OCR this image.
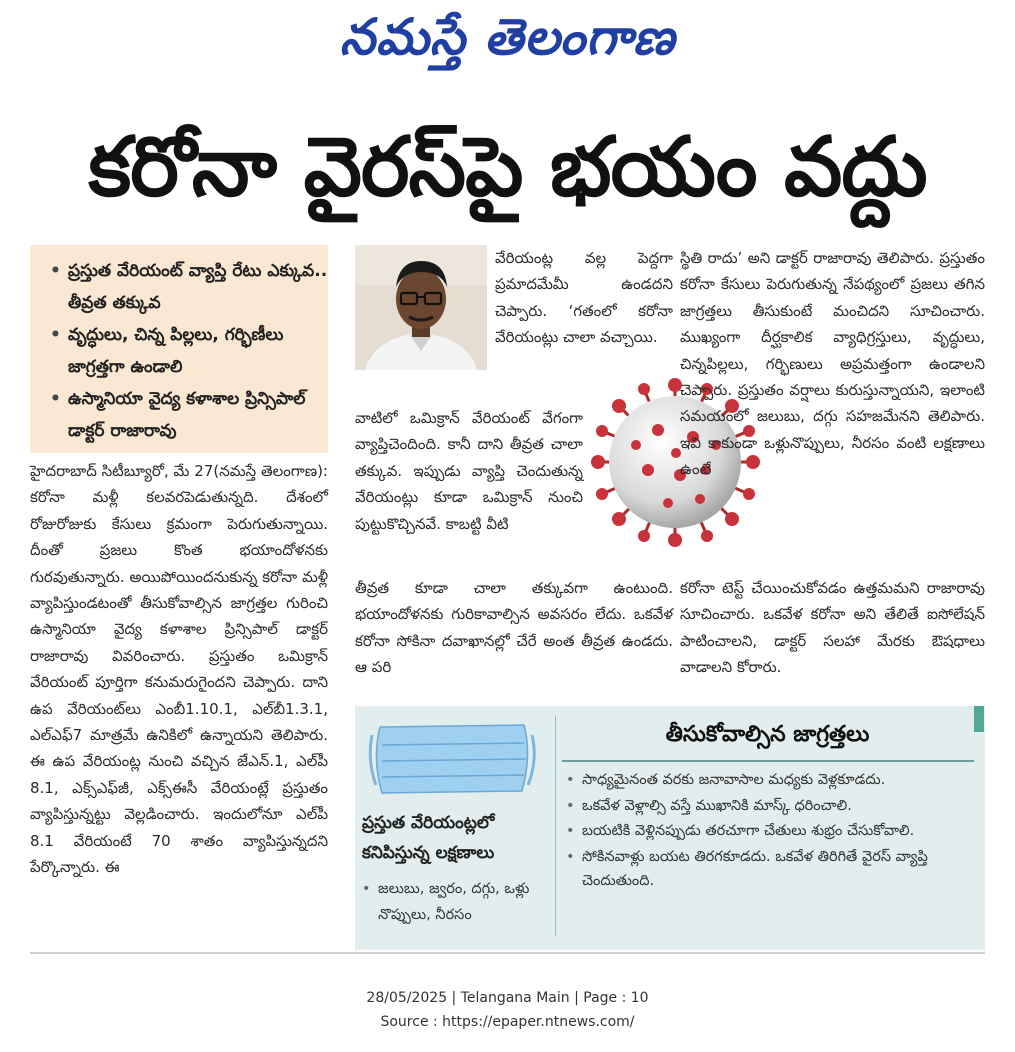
నమస్తే తెలంగాణ
కరోనా వైరస్‌పై భయం వద్దు
• ప్రస్తుత వేరియంట్ వ్యాప్తి రేటు ఎక్కువ.. తీవ్రత తక్కువ
• వృద్ధులు, చిన్న పిల్లలు, గర్భిణీలు జాగ్రత్తగా ఉండాలి
• ఉస్మానియా వైద్య కళాశాల ప్రిన్సిపాల్ డాక్టర్ రాజారావు
హైదరాబాద్ సిటీబ్యూరో, మే 27(నమస్తే తెలంగాణ): కరోనా మళ్లీ కలవరపెడుతున్నది. దేశంలో రోజురోజుకు కేసులు క్రమంగా పెరుగుతున్నాయి. దీంతో ప్రజలు కొంత భయాందోళనకు గురవుతున్నారు. అయిపోయిందనుకున్న కరోనా మళ్లీ వ్యాపిస్తుండటంతో తీసుకోవాల్సిన జాగ్రత్తల గురించి ఉస్మానియా వైద్య కళాశాల ప్రిన్సిపాల్ డాక్టర్ రాజారావు వివరించారు. ప్రస్తుతం ఒమిక్రాన్ వేరియంట్ పూర్తిగా కనుమరుగైందని చెప్పారు. దాని ఉప వేరియంట్‌లు ఎంబీ1.10.1, ఎల్‌బీ1.3.1, ఎల్‌ఎఫ్7 మాత్రమే ఉనికిలో ఉన్నాయని తెలిపారు. ఈ ఉప వేరియంట్ల నుంచి వచ్చిన జేఎన్.1, ఎల్‌పీ 8.1, ఎక్స్‌ఎఫ్‌జీ, ఎక్స్‌ఈసీ వేరియంట్లే ప్రస్తుతం వ్యాపిస్తున్నట్టు వెల్లడించారు. ఇందులోనూ ఎల్‌పీ 8.1 వేరియంటే 70 శాతం వ్యాపిస్తున్నదని పేర్కొన్నారు. ఈ
వేరియంట్ల వల్ల పెద్దగా ప్రమాదమేమీ ఉండదని చెప్పారు. ‘గతంలో కరోనా వేరియంట్లు చాలా వచ్చాయి.
వాటిలో ఒమిక్రాన్ వేరియంట్ వేగంగా వ్యాప్తిచెందింది. కానీ దాని తీవ్రత చాలా తక్కువ. ఇప్పుడు వ్యాప్తి చెందుతున్న వేరియంట్లు కూడా ఒమిక్రాన్ నుంచి పుట్టుకొచ్చినవే. కాబట్టి వీటి
తీవ్రత కూడా చాలా తక్కువగా ఉంటుంది. భయాందోళనకు గురికావాల్సిన అవసరం లేదు. ఒకవేళ కరోనా సోకినా దవాఖానల్లో చేరే అంత తీవ్రత ఉండదు. ఆ పరి
స్థితి రాదు’ అని డాక్టర్ రాజారావు తెలిపారు. ప్రస్తుతం కరోనా కేసులు పెరుగుతున్న నేపథ్యంలో ప్రజలు తగిన జాగ్రత్తలు తీసుకుంటే మంచిదని సూచించారు. ముఖ్యంగా దీర్ఘకాలిక వ్యాధిగ్రస్తులు, వృద్ధులు, చిన్నపిల్లలు, గర్భిణులు అప్రమత్తంగా ఉండాలని చెప్పారు. ప్రస్తుతం వర్షాలు కురుస్తున్నాయని, ఇలాంటి సమయంలో జలుబు, దగ్గు సహజమేనని తెలిపారు. ఇవి కాకుండా ఒళ్లునొప్పులు, నీరసం వంటి లక్షణాలు ఉంటే
కరోనా టెస్ట్ చేయించుకోవడం ఉత్తమమని రాజారావు సూచించారు. ఒకవేళ కరోనా అని తేలితే ఐసోలేషన్ పాటించాలని, డాక్టర్ సలహా మేరకు ఔషధాలు వాడాలని కోరారు.
ప్రస్తుత వేరియంట్లలో కనిపిస్తున్న లక్షణాలు
• జలుబు, జ్వరం, దగ్గు, ఒళ్లు నొప్పులు, నీరసం
తీసుకోవాల్సిన జాగ్రత్తలు
• సాధ్యమైనంత వరకు జనావాసాల మధ్యకు వెళ్లకూడదు.
• ఒకవేళ వెళ్లాల్సి వస్తే ముఖానికి మాస్క్ ధరించాలి.
• బయటికి వెళ్లినప్పుడు తరచూగా చేతులు శుభ్రం చేసుకోవాలి.
• సోకినవాళ్లు బయట తిరగకూడదు. ఒకవేళ తిరిగితే వైరస్ వ్యాప్తి చెందుతుంది.
28/05/2025 | Telangana Main | Page : 10
Source : https://epaper.ntnews.com/
